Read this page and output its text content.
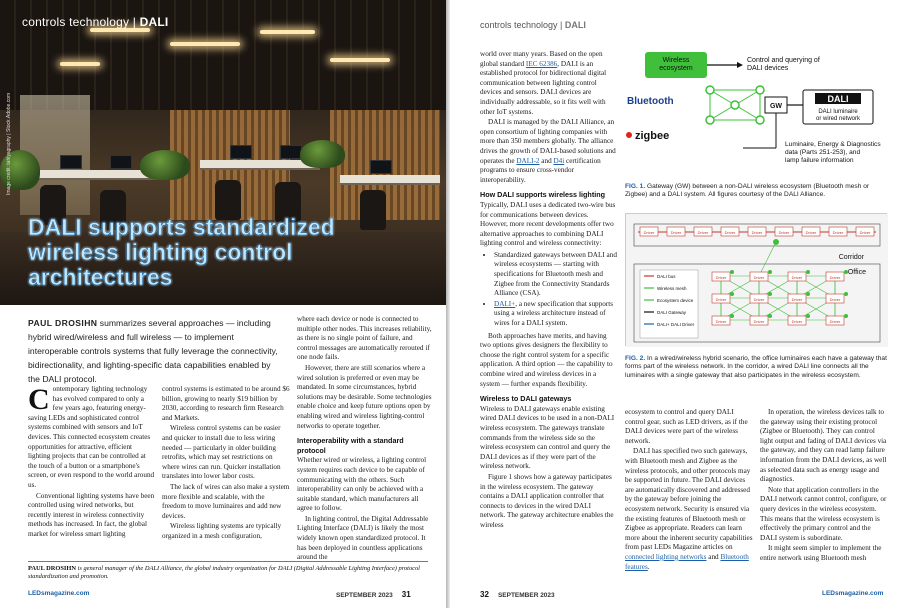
controls technology | DALI
Image credit: tahiyagraphy | Stock.Adobe.com
DALI supports standardized
wireless lighting control
architectures
PAUL DROSIHN summarizes several approaches — including hybrid wired/wireless and full wireless — to implement interoperable controls systems that fully leverage the connectivity, bidirectionality, and lighting-specific data capabilities enabled by the DALI protocol.

Contemporary lighting technology has evolved compared to only a few years ago, featuring energy-saving LEDs and sophisticated control systems combined with sensors and IoT devices. This connected ecosystem creates opportunities for attractive, efficient lighting projects that can be controlled at the touch of a button or a smartphone's screen, or even respond to the world around us.

Conventional lighting systems have been controlled using wired networks, but recently interest in wireless connectivity methods has increased. In fact, the global market for wireless smart lighting

control systems is estimated to be around $6 billion, growing to nearly $19 billion by 2030, according to research firm Research and Markets.

Wireless control systems can be easier and quicker to install due to less wiring needed — particularly in older building retrofits, which may set restrictions on where wires can run. Quicker installation translates into lower labor costs.

The lack of wires can also make a system more flexible and scalable, with the freedom to move luminaires and add new devices.

Wireless lighting systems are typically organized in a mesh configuration,

where each device or node is connected to multiple other nodes. This increases reliability, as there is no single point of failure, and control messages are automatically rerouted if one node fails.

However, there are still scenarios where a wired solution is preferred or even may be mandated. In some circumstances, hybrid solutions may be desirable. Some technologies enable choice and keep future options open by enabling wired and wireless lighting-control networks to operate together.

Interoperability with a standard protocol

Whether wired or wireless, a lighting control system requires each device to be capable of communicating with the others. Such interoperability can only be achieved with a suitable standard, which manufacturers all agree to follow.

In lighting control, the Digital Addressable Lighting Interface (DALI) is likely the most widely known open standardized protocol. It has been deployed in countless applications around the

PAUL DROSIHN is general manager of the DALI Alliance, the global industry organization for DALI (Digital Addressable Lighting Interface) protocol standardization and promotion.
LEDsmagazine.com	SEPTEMBER 2023 31
controls technology | DALI

world over many years. Based on the open global standard IEC 62386, DALI is an established protocol for bidirectional digital communication between lighting control devices and sensors. DALI devices are individually addressable, so it fits well with other IoT systems.

DALI is managed by the DALI Alliance, an open consortium of lighting companies with more than 350 members globally. The alliance drives the growth of DALI-based solutions and operates the DALI-2 and D4i certification programs to ensure cross-vendor interoperability.

How DALI supports wireless lighting

Typically, DALI uses a dedicated two-wire bus for communications between devices. However, more recent developments offer two alternative approaches to combining DALI lighting control and wireless connectivity:

• Standardized gateways between DALI and wireless ecosystems — starting with specifications for Bluetooth mesh and Zigbee from the Connectivity Standards Alliance (CSA).
• DALI+, a new specification that supports using a wireless architecture instead of wires for a DALI system.

Both approaches have merits, and having two options gives designers the flexibility to choose the right control system for a specific application. A third option — the capability to combine wired and wireless devices in a system — further expands flexibility.

Wireless to DALI gateways

Wireless to DALI gateways enable existing wired DALI devices to be used in a non-DALI wireless ecosystem. The gateways translate commands from the wireless side so the wireless ecosystem can control and query the DALI devices as if they were part of the wireless network.

Figure 1 shows how a gateway participates in the wireless ecosystem. The gateway contains a DALI application controller that connects to devices in the wired DALI network. The gateway architecture enables the wireless

Wireless ecosystem
Control and querying of DALI devices
Bluetooth
zigbee
GW
DALI
DALI luminaire or wired network
Luminaire, Energy & Diagnostics data (Parts 251-253), and lamp failure information
FIG. 1. Gateway (GW) between a non-DALI wireless ecosystem (Bluetooth mesh or Zigbee) and a DALI system. All figures courtesy of the DALI Alliance.
Corridor
Office
Driver	Driver	Driver	Driver	Driver	Driver	Driver	Driver	Driver
Driver	Driver	Driver	Driver
Driver	Driver	Driver	Driver
Driver	Driver	Driver	Driver
DALI bus
Wireless mesh
Ecosystem device
DALI Gateway
DALI+ DALI Driver
FIG. 2. In a wired/wireless hybrid scenario, the office luminaires each have a gateway that forms part of the wireless network. In the corridor, a wired DALI line connects all the luminaires with a single gateway that also participates in the wireless ecosystem.

ecosystem to control and query DALI control gear, such as LED drivers, as if the DALI devices were part of the wireless network.

DALI has specified two such gateways, with Bluetooth mesh and Zigbee as the wireless protocols, and other protocols may be supported in future. The DALI devices are automatically discovered and addressed by the gateway before joining the ecosystem network. Security is ensured via the existing features of Bluetooth mesh or Zigbee as appropriate. Readers can learn more about the inherent security capabilities from past LEDs Magazine articles on connected lighting networks and Bluetooth features.

In operation, the wireless devices talk to the gateway using their existing protocol (Zigbee or Bluetooth). They can control light output and fading of DALI devices via the gateway, and they can read lamp failure information from the DALI devices, as well as selected data such as energy usage and diagnostics.

Note that application controllers in the DALI network cannot control, configure, or query devices in the wireless ecosystem. This means that the wireless ecosystem is effectively the primary control and the DALI system is subordinate.

It might seem simpler to implement the entire network using Bluetooth mesh

32 SEPTEMBER 2023	LEDsmagazine.com
